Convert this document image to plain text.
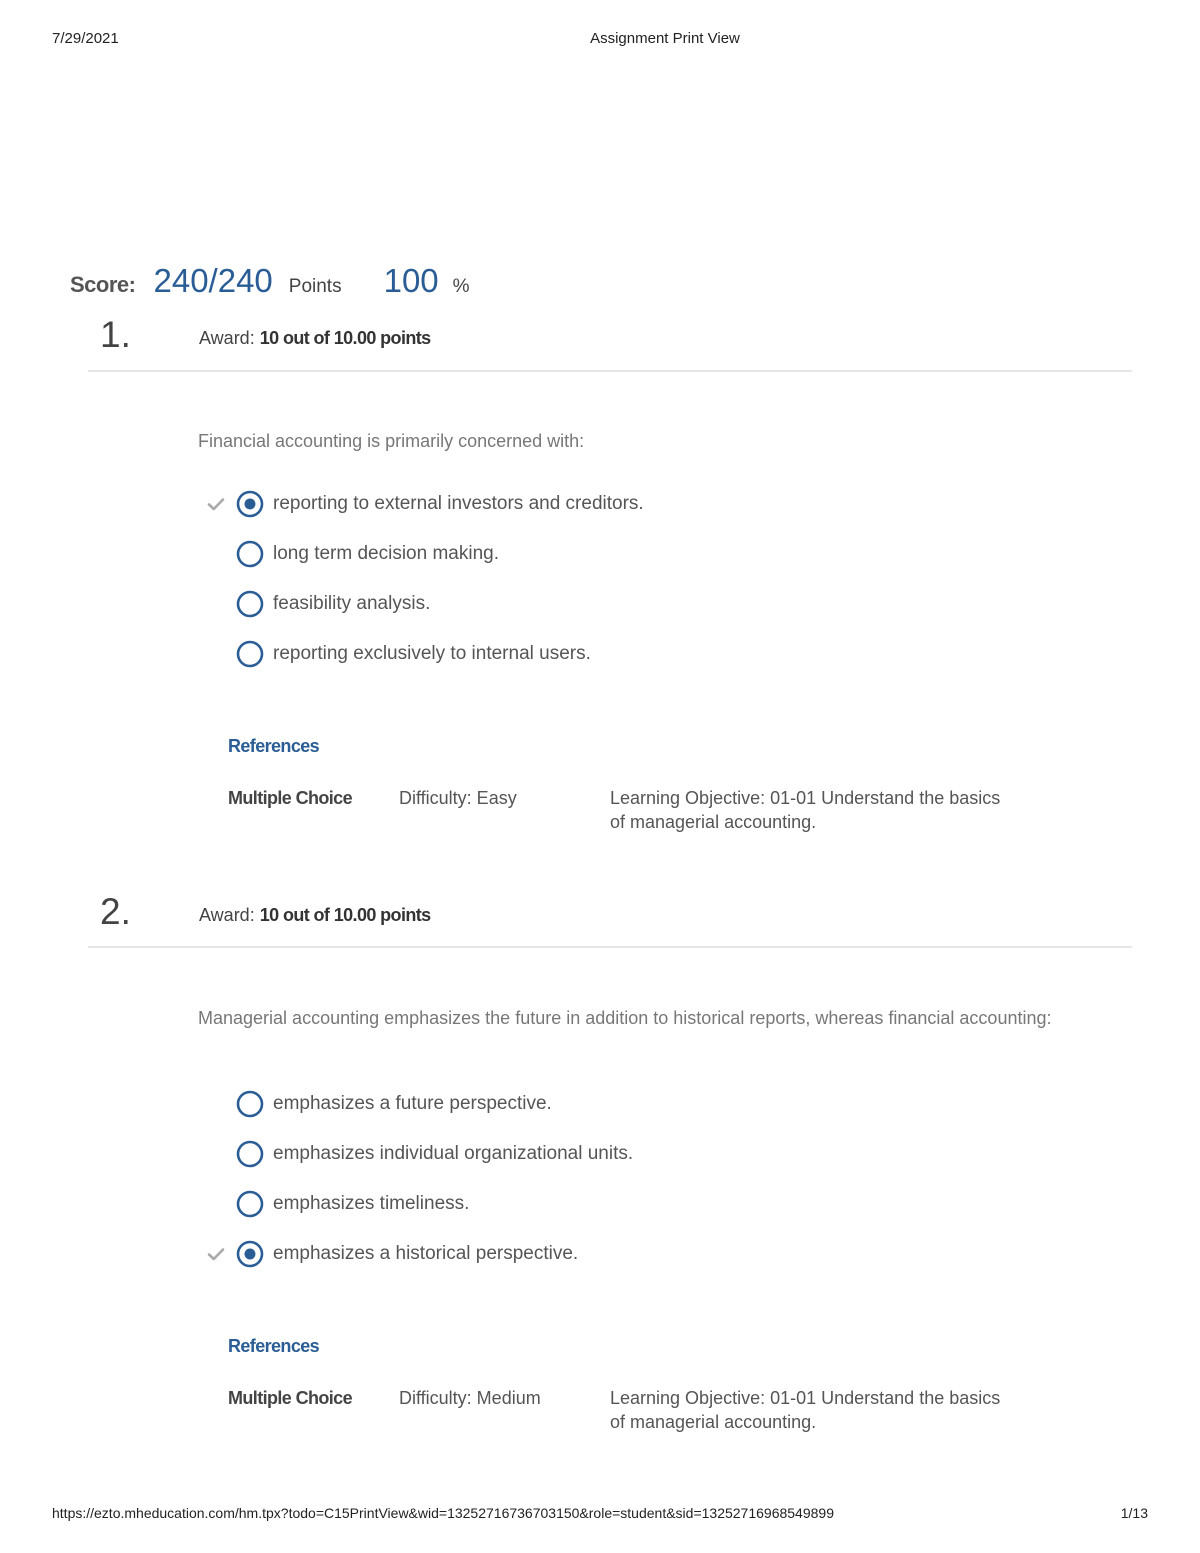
7/29/2021	Assignment Print View
Score: 240/240 Points 100 %
1.	Award: 10 out of 10.00 points
Financial accounting is primarily concerned with:
reporting to external investors and creditors.
long term decision making.
feasibility analysis.
reporting exclusively to internal users.
References
Multiple Choice	Difficulty: Easy	Learning Objective: 01-01 Understand the basics of managerial accounting.
2.	Award: 10 out of 10.00 points
Managerial accounting emphasizes the future in addition to historical reports, whereas financial accounting:
emphasizes a future perspective.
emphasizes individual organizational units.
emphasizes timeliness.
emphasizes a historical perspective.
References
Multiple Choice	Difficulty: Medium	Learning Objective: 01-01 Understand the basics of managerial accounting.
https://ezto.mheducation.com/hm.tpx?todo=C15PrintView&wid=13252716736703150&role=student&sid=13252716968549899	1/13
